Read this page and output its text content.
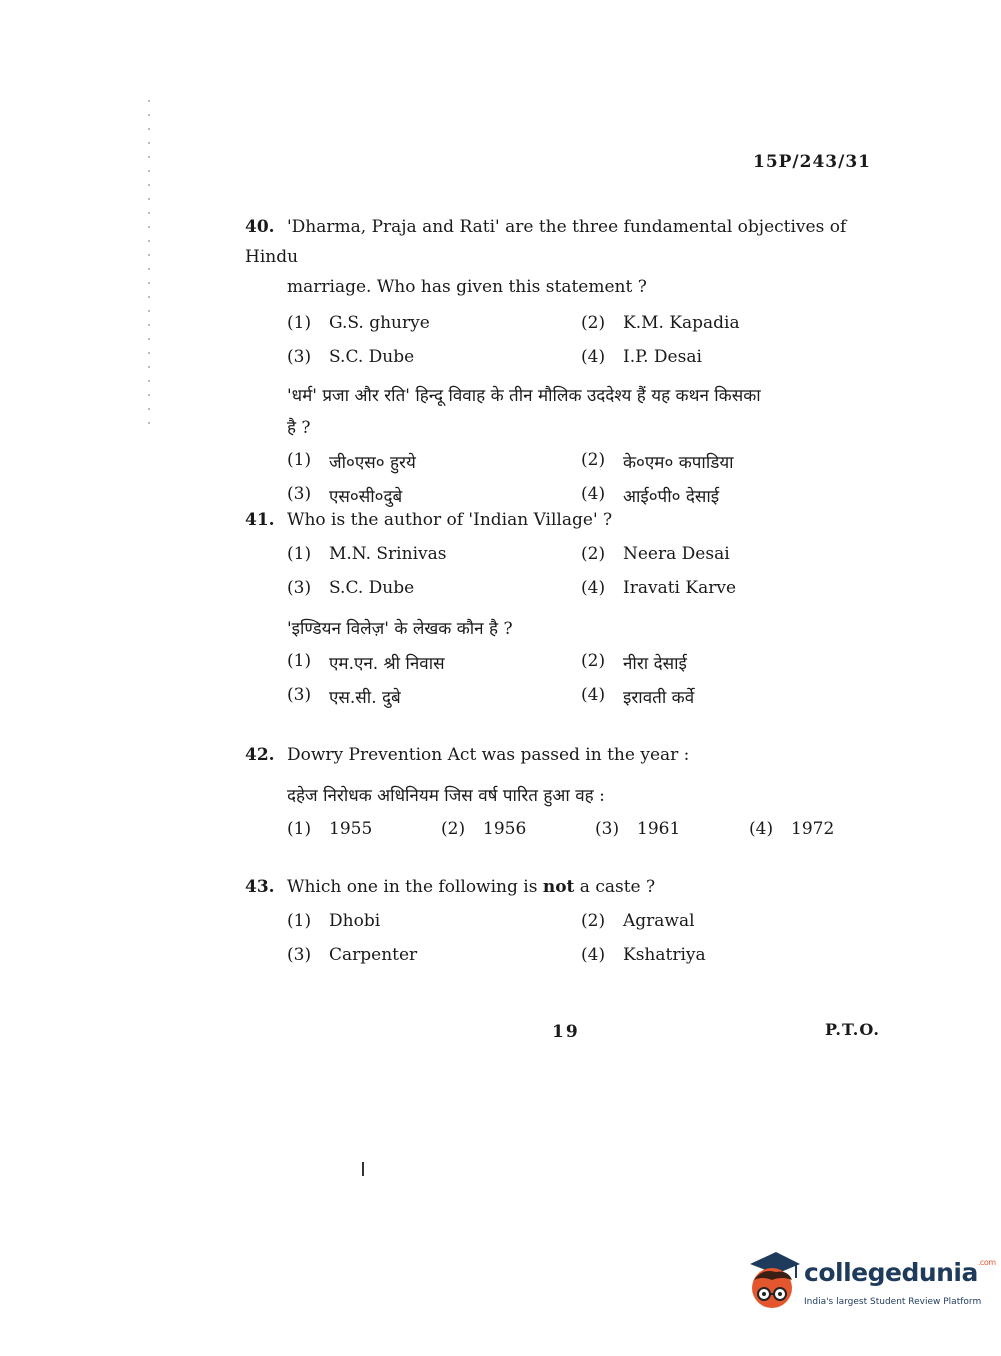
15P/243/31
40. 'Dharma, Praja and Rati' are the three fundamental objectives of Hindu
marriage. Who has given this statement ?
(1)	G.S. ghurye	(2)	K.M. Kapadia
(3)	S.C. Dube	(4)	I.P. Desai
'धर्म' प्रजा और रति' हिन्दू विवाह के तीन मौलिक उददेश्य हैं यह कथन किसका
है ?
(1)	जी०एस० हुरये	(2)	के०एम० कपाडिया
(3)	एस०सी०दुबे	(4)	आई०पी० देसाई
41. Who is the author of 'Indian Village' ?
(1)	M.N. Srinivas	(2)	Neera Desai
(3)	S.C. Dube	(4)	Iravati Karve
'इण्डियन विलेज़' के लेखक कौन है ?
(1)	एम.एन. श्री निवास	(2)	नीरा देसाई
(3)	एस.सी. दुबे	(4)	इरावती कर्वे
42. Dowry Prevention Act was passed in the year :
दहेज निरोधक अधिनियम जिस वर्ष पारित हुआ वह :
(1)	1955	(2)	1956	(3)	1961	(4)	1972
43. Which one in the following is not a caste ?
(1)	Dhobi	(2)	Agrawal
(3)	Carpenter	(4)	Kshatriya
19	P.T.O.
collegedunia$^{.com}$
India's largest Student Review Platform
